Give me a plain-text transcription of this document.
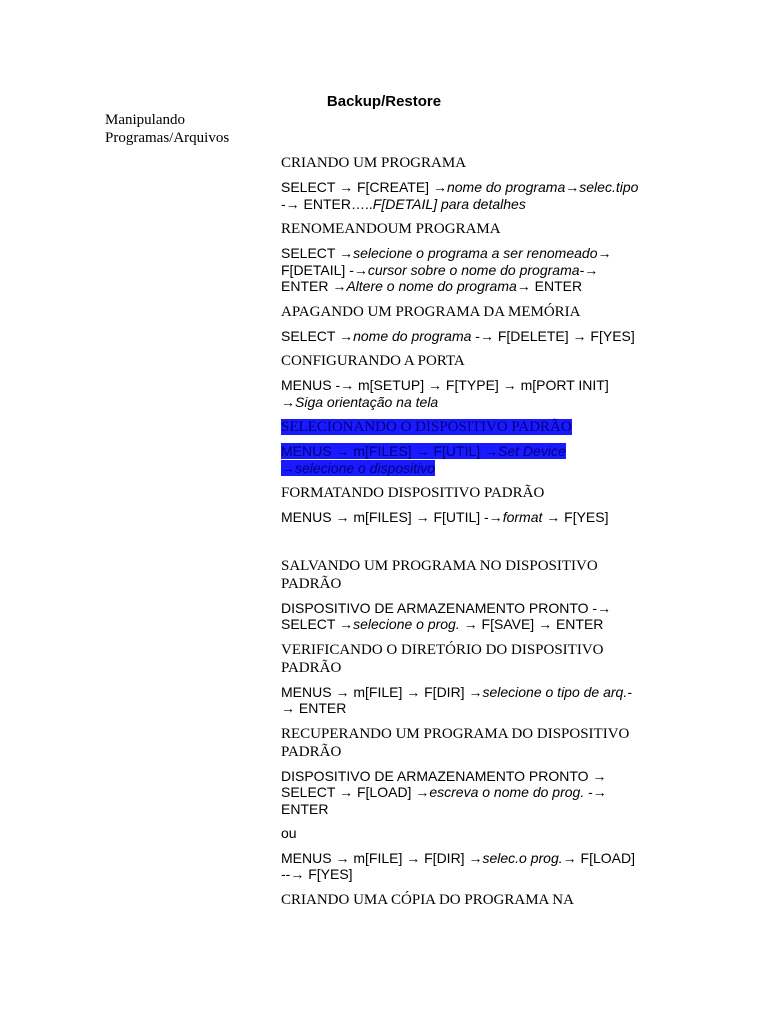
Backup/Restore
Manipulando
Programas/Arquivos
CRIANDO UM PROGRAMA
SELECT → F[CREATE] →nome do programa→selec.tipo -→ ENTER…..F[DETAIL] para detalhes
RENOMEANDOUM PROGRAMA
SELECT →selecione o programa a ser renomeado→ F[DETAIL] -→cursor sobre o nome do programa-→ ENTER →Altere o nome do programa→ ENTER
APAGANDO UM PROGRAMA DA MEMÓRIA
SELECT →nome do programa -→ F[DELETE] → F[YES]
CONFIGURANDO A PORTA
MENUS -→ m[SETUP] → F[TYPE] → m[PORT INIT] →Siga orientação na tela
SELECIONANDO O DISPOSITIVO PADRÃO
MENUS → m[FILES] → F[UTIL] →Set Device →selecione o dispositivo
FORMATANDO DISPOSITIVO PADRÃO
MENUS → m[FILES] → F[UTIL] -→format → F[YES]
SALVANDO UM PROGRAMA NO DISPOSITIVO PADRÃO
DISPOSITIVO DE ARMAZENAMENTO PRONTO -→ SELECT →selecione o prog. → F[SAVE] → ENTER
VERIFICANDO O DIRETÓRIO DO DISPOSITIVO PADRÃO
MENUS → m[FILE] → F[DIR] →selecione o tipo de arq.-→ ENTER
RECUPERANDO UM PROGRAMA DO DISPOSITIVO PADRÃO
DISPOSITIVO DE ARMAZENAMENTO PRONTO → SELECT → F[LOAD] →escreva o nome do prog. -→ ENTER
ou
MENUS → m[FILE] → F[DIR] →selec.o prog.→ F[LOAD] --→ F[YES]
CRIANDO UMA CÓPIA DO PROGRAMA NA
